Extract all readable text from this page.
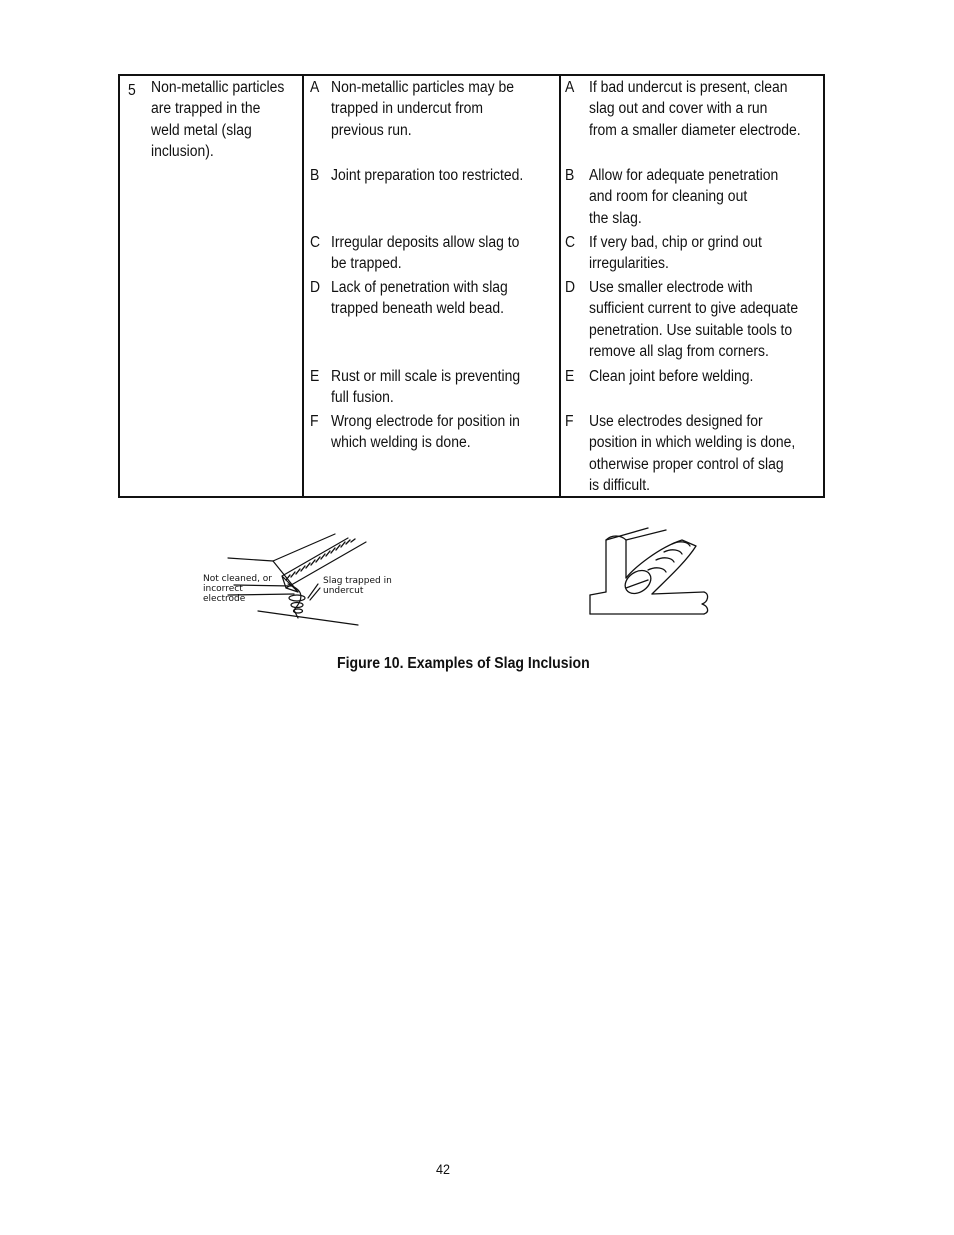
5 Non-metallic particles
are trapped in the
weld metal (slag
inclusion).
A Non-metallic particles may be
trapped in undercut from
previous run.
B Joint preparation too restricted.
C Irregular deposits allow slag to
be trapped.
D Lack of penetration with slag
trapped beneath weld bead.
E Rust or mill scale is preventing
full fusion.
F Wrong electrode for position in
which welding is done.
A If bad undercut is present, clean
slag out and cover with a run
from a smaller diameter electrode.
B Allow for adequate penetration
and room for cleaning out
the slag.
C If very bad, chip or grind out
irregularities.
D Use smaller electrode with
sufficient current to give adequate
penetration. Use suitable tools to
remove all slag from corners.
E Clean joint before welding.
F Use electrodes designed for
position in which welding is done,
otherwise proper control of slag
is difficult.
Not cleaned, or
incorrect
electrode
Slag trapped in
undercut
Figure 10. Examples of Slag Inclusion
42
